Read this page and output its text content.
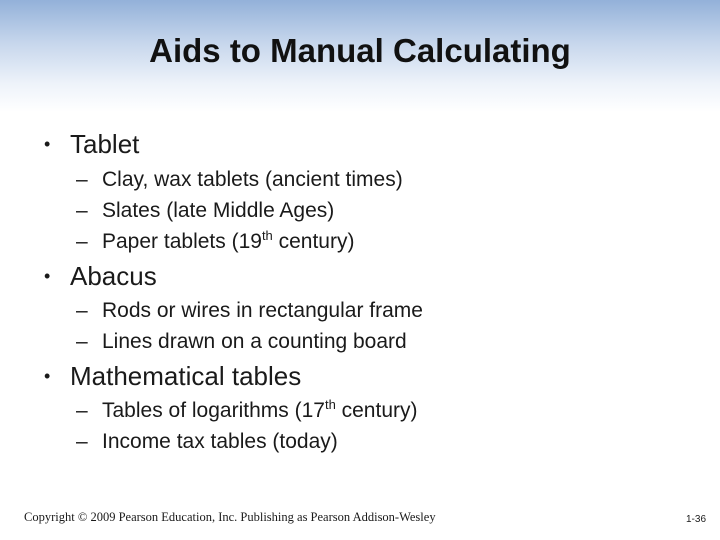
Aids to Manual Calculating
• Tablet
– Clay, wax tablets (ancient times)
– Slates (late Middle Ages)
– Paper tablets (19th century)
• Abacus
– Rods or wires in rectangular frame
– Lines drawn on a counting board
• Mathematical tables
– Tables of logarithms (17th century)
– Income tax tables (today)
Copyright © 2009 Pearson Education, Inc. Publishing as Pearson Addison-Wesley	1-36
